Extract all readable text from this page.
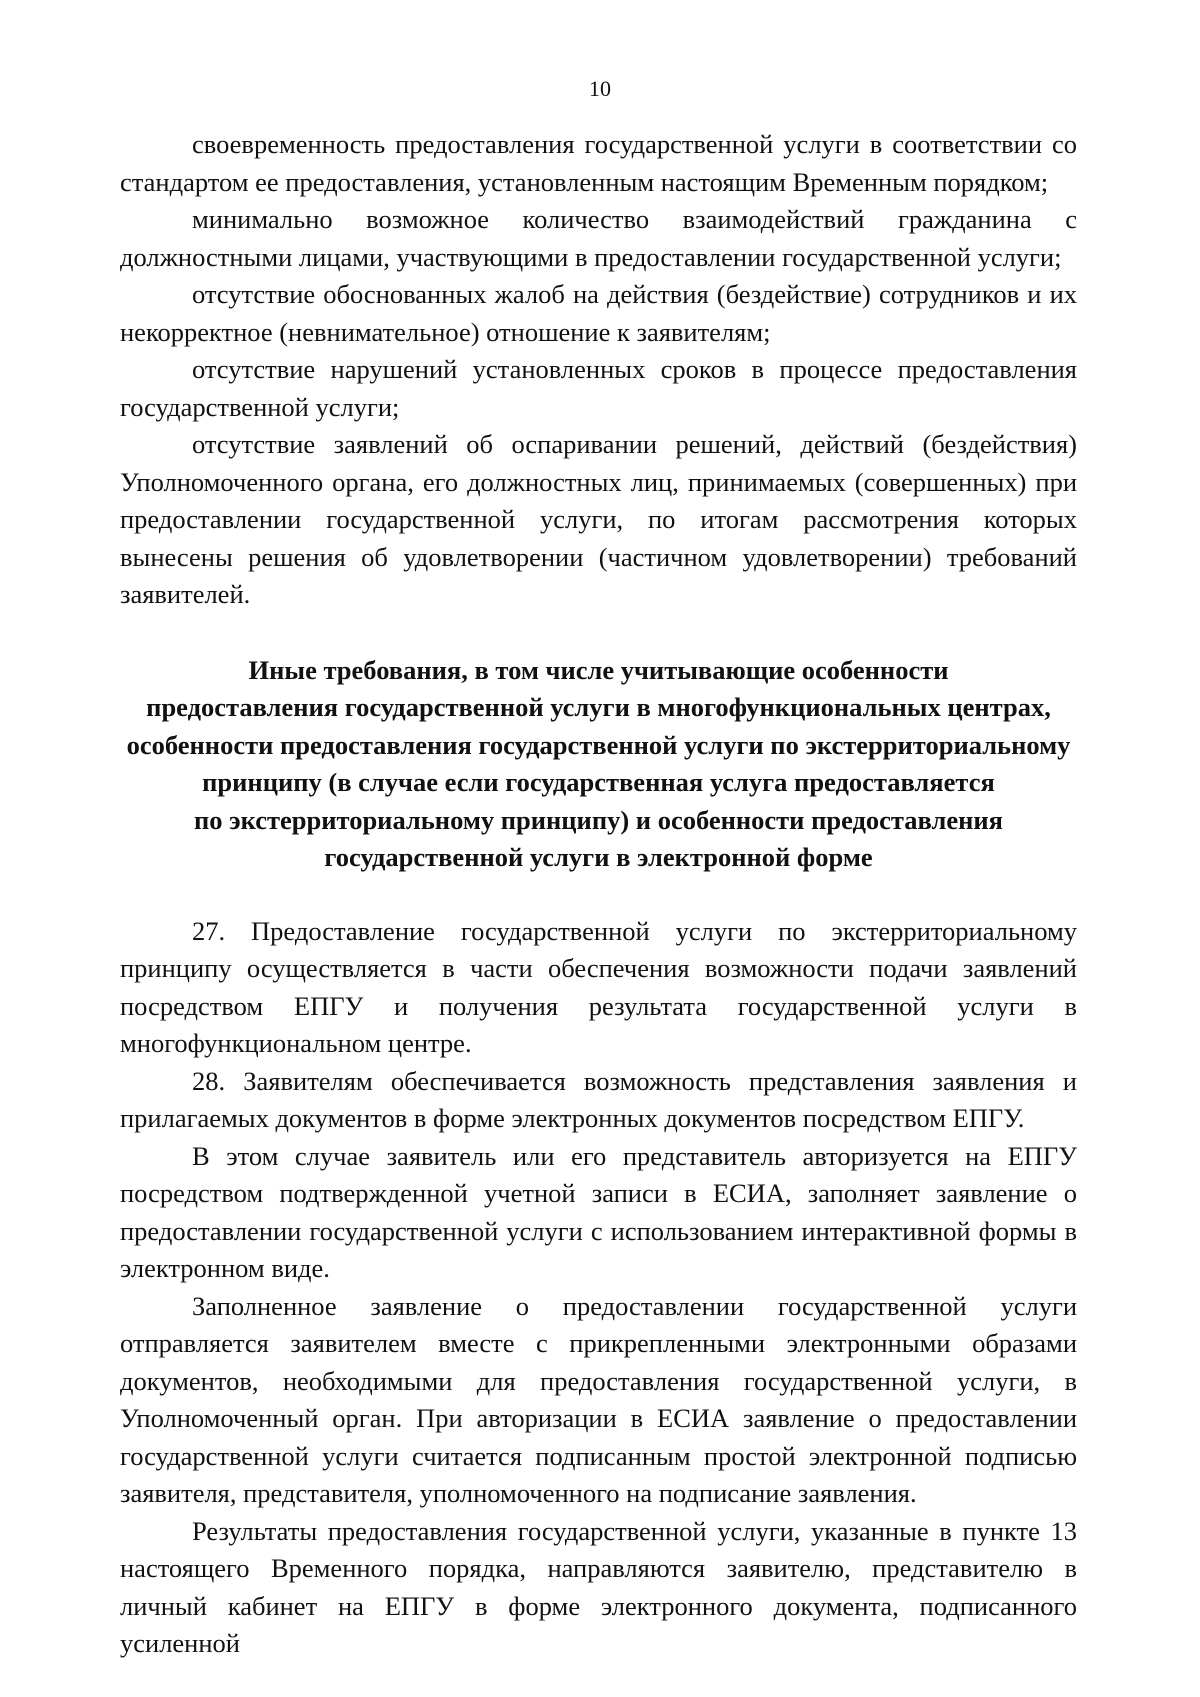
10

своевременность предоставления государственной услуги в соответствии со стандартом ее предоставления, установленным настоящим Временным порядком;

минимально возможное количество взаимодействий гражданина с должностными лицами, участвующими в предоставлении государственной услуги;

отсутствие обоснованных жалоб на действия (бездействие) сотрудников и их некорректное (невнимательное) отношение к заявителям;

отсутствие нарушений установленных сроков в процессе предоставления государственной услуги;

отсутствие заявлений об оспаривании решений, действий (бездействия) Уполномоченного органа, его должностных лиц, принимаемых (совершенных) при предоставлении государственной услуги, по итогам рассмотрения которых вынесены решения об удовлетворении (частичном удовлетворении) требований заявителей.

Иные требования, в том числе учитывающие особенности
предоставления государственной услуги в многофункциональных центрах,
особенности предоставления государственной услуги по экстерриториальному
принципу (в случае если государственная услуга предоставляется
по экстерриториальному принципу) и особенности предоставления
государственной услуги в электронной форме

27. Предоставление государственной услуги по экстерриториальному принципу осуществляется в части обеспечения возможности подачи заявлений посредством ЕПГУ и получения результата государственной услуги в многофункциональном центре.

28. Заявителям обеспечивается возможность представления заявления и прилагаемых документов в форме электронных документов посредством ЕПГУ.

В этом случае заявитель или его представитель авторизуется на ЕПГУ посредством подтвержденной учетной записи в ЕСИА, заполняет заявление о предоставлении государственной услуги с использованием интерактивной формы в электронном виде.

Заполненное заявление о предоставлении государственной услуги отправляется заявителем вместе с прикрепленными электронными образами документов, необходимыми для предоставления государственной услуги, в Уполномоченный орган. При авторизации в ЕСИА заявление о предоставлении государственной услуги считается подписанным простой электронной подписью заявителя, представителя, уполномоченного на подписание заявления.

Результаты предоставления государственной услуги, указанные в пункте 13 настоящего Временного порядка, направляются заявителю, представителю в личный кабинет на ЕПГУ в форме электронного документа, подписанного усиленной
